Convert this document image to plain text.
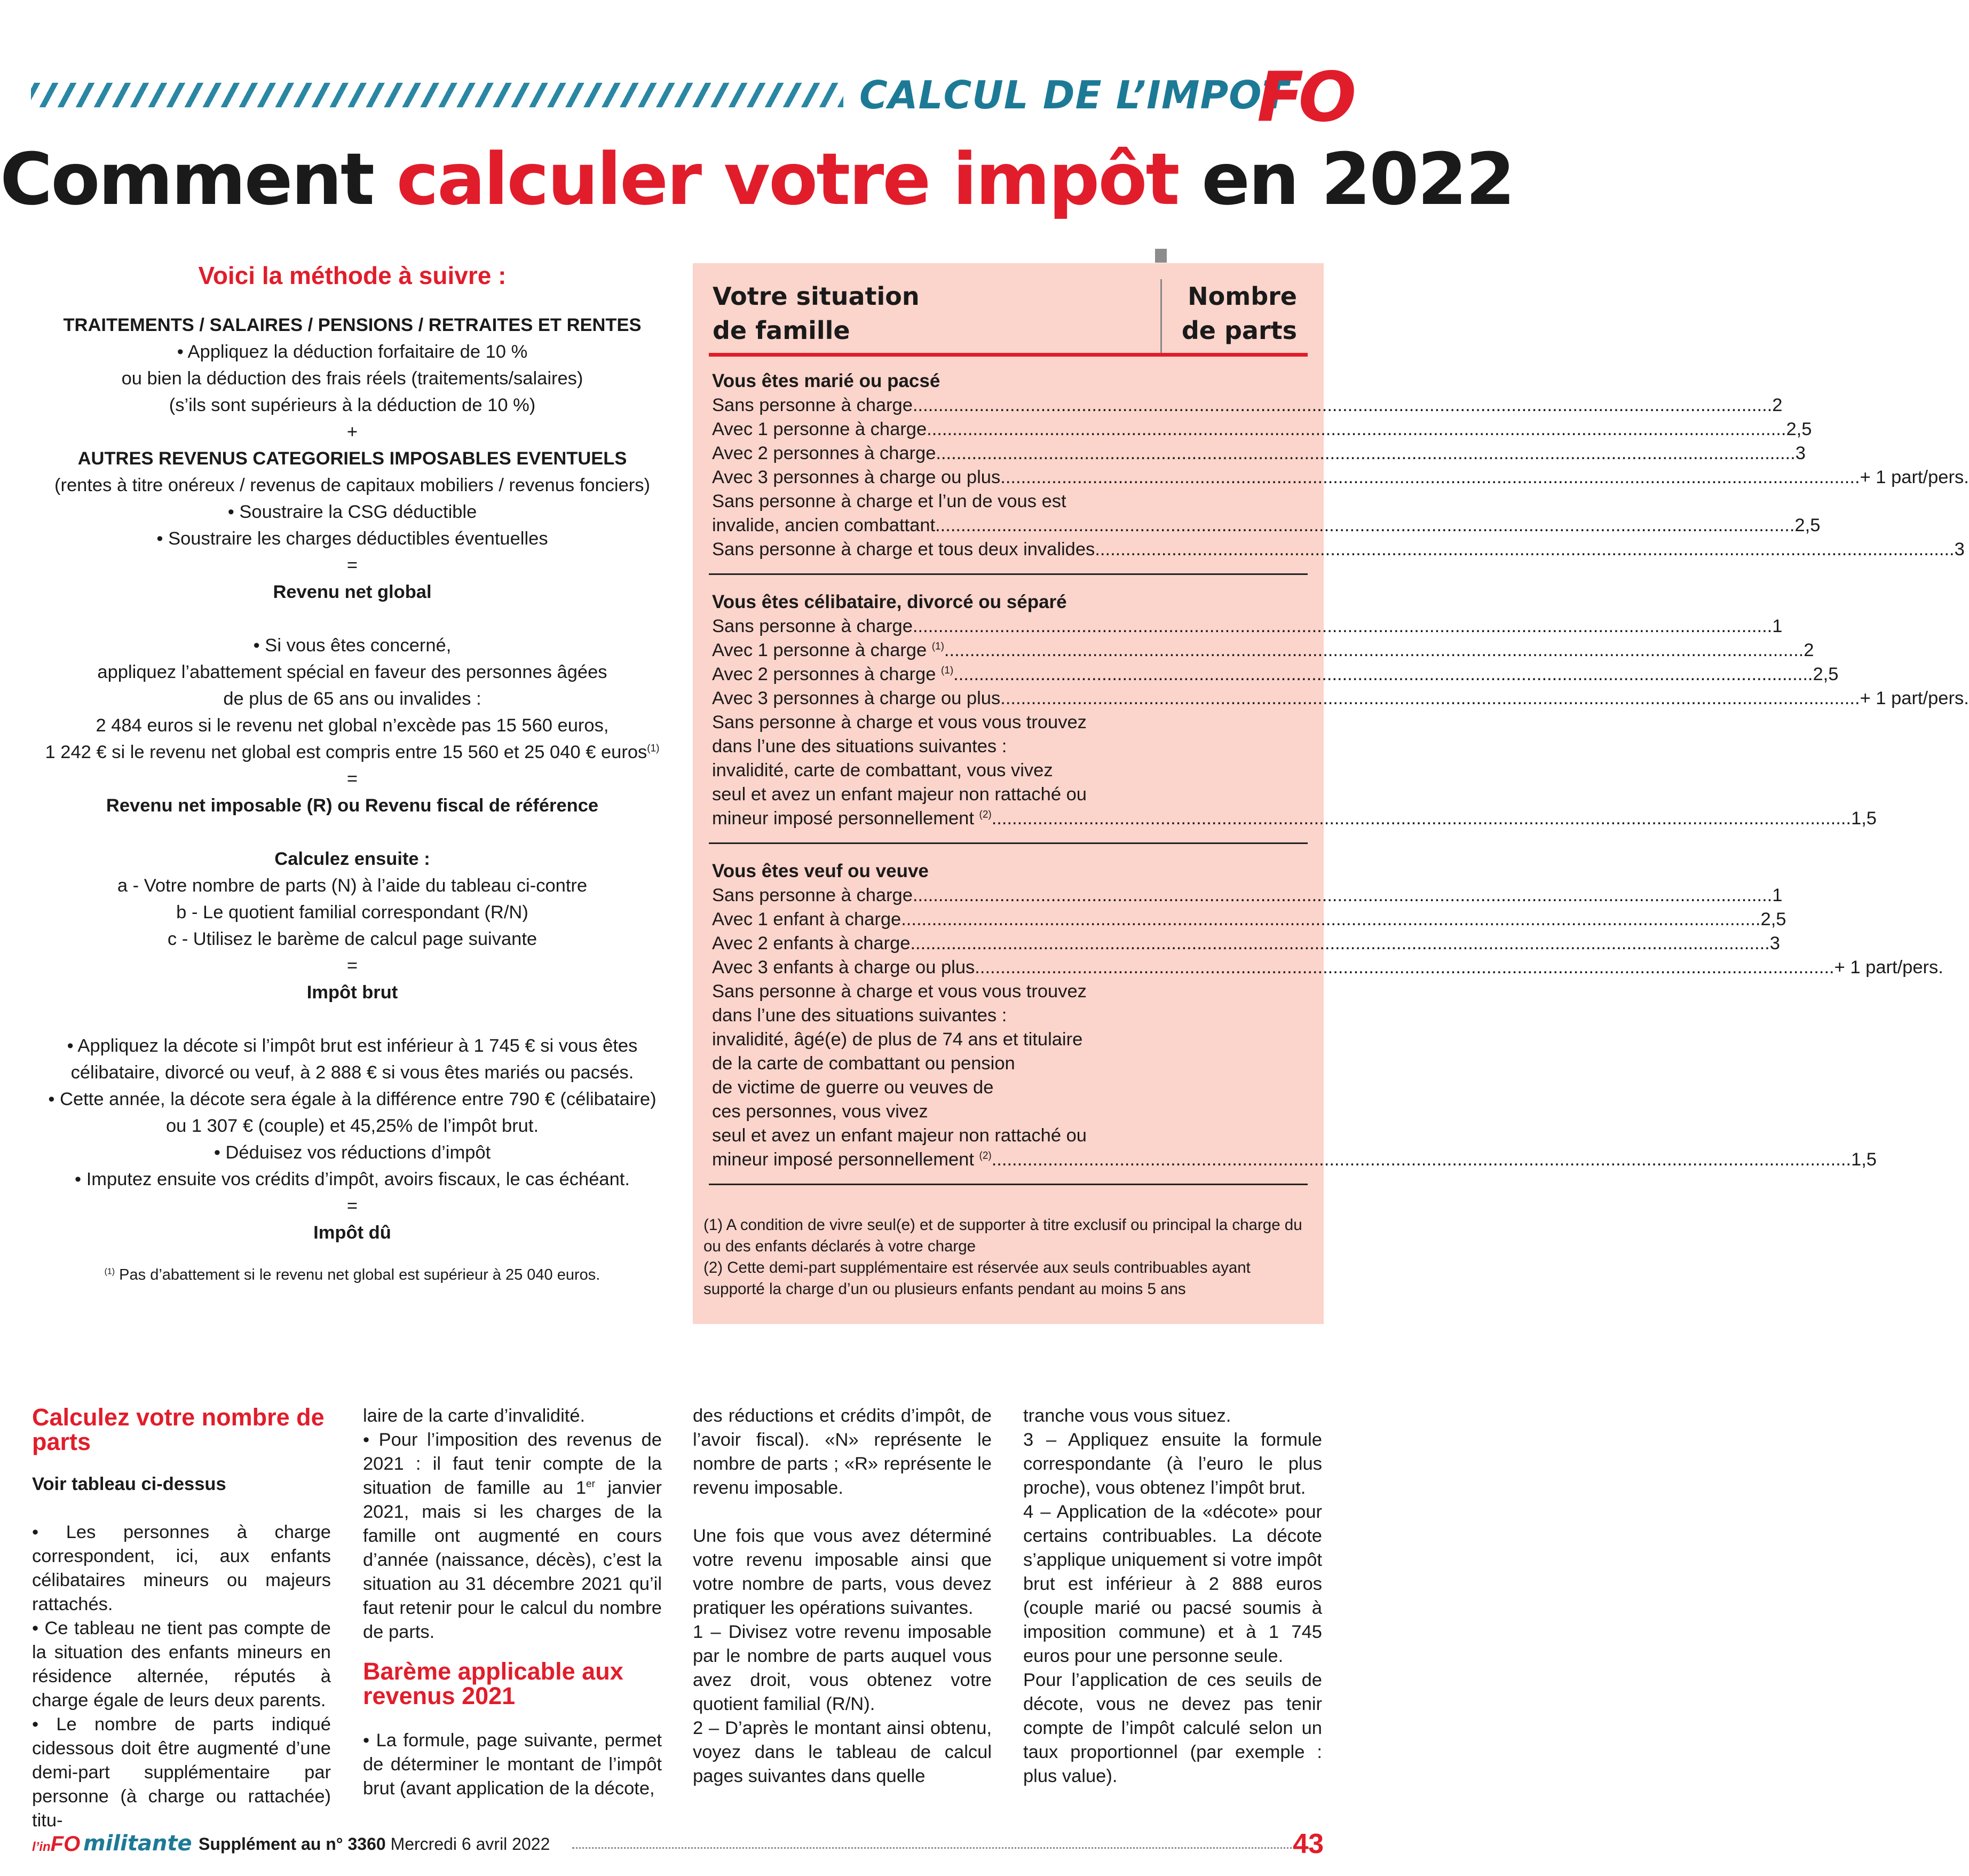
CALCUL DE L’IMPOT
FO
Comment calculer votre impôt en 2022
Voici la méthode à suivre :
TRAITEMENTS / SALAIRES / PENSIONS / RETRAITES ET RENTES
• Appliquez la déduction forfaitaire de 10 %
ou bien la déduction des frais réels (traitements/salaires)
(s’ils sont supérieurs à la déduction de 10 %)
+
AUTRES REVENUS CATEGORIELS IMPOSABLES EVENTUELS
(rentes à titre onéreux / revenus de capitaux mobiliers / revenus fonciers)
• Soustraire la CSG déductible
• Soustraire les charges déductibles éventuelles
=
Revenu net global
• Si vous êtes concerné,
appliquez l’abattement spécial en faveur des personnes âgées
de plus de 65 ans ou invalides :
2 484 euros si le revenu net global n’excède pas 15 560 euros,
1 242 € si le revenu net global est compris entre 15 560 et 25 040 € euros$^{(1)}$
=
Revenu net imposable (R) ou Revenu fiscal de référence
Calculez ensuite :
a - Votre nombre de parts (N) à l’aide du tableau ci-contre
b - Le quotient familial correspondant (R/N)
c - Utilisez le barème de calcul page suivante
=
Impôt brut
• Appliquez la décote si l’impôt brut est inférieur à 1 745 € si vous êtes
célibataire, divorcé ou veuf, à 2 888 € si vous êtes mariés ou pacsés.
• Cette année, la décote sera égale à la différence entre 790 € (célibataire)
ou 1 307 € (couple) et 45,25% de l’impôt brut.
• Déduisez vos réductions d’impôt
• Imputez ensuite vos crédits d’impôt, avoirs fiscaux, le cas échéant.
=
Impôt dû
$^{(1)}$ Pas d’abattement si le revenu net global est supérieur à 25 040 euros.
Votre situation
de famille
Nombre
de parts
Vous êtes marié ou pacsé
Sans personne à charge .....	2
Avec 1 personne à charge .....	2,5
Avec 2 personnes à charge .....	3
Avec 3 personnes à charge ou plus .....	+ 1 part/pers.
Sans personne à charge et l’un de vous est
invalide, ancien combattant .....	2,5
Sans personne à charge et tous deux invalides .....	3
Vous êtes célibataire, divorcé ou séparé
Sans personne à charge .....	1
Avec 1 personne à charge $^{(1)}$ .....	2
Avec 2 personnes à charge $^{(1)}$ .....	2,5
Avec 3 personnes à charge ou plus .....	+ 1 part/pers.
Sans personne à charge et vous vous trouvez
dans l’une des situations suivantes :
invalidité, carte de combattant, vous vivez
seul et avez un enfant majeur non rattaché ou
mineur imposé personnellement $^{(2)}$ .....	1,5
Vous êtes veuf ou veuve
Sans personne à charge .....	1
Avec 1 enfant à charge .....	2,5
Avec 2 enfants à charge .....	3
Avec 3 enfants à charge ou plus .....	+ 1 part/pers.
Sans personne à charge et vous vous trouvez
dans l’une des situations suivantes :
invalidité, âgé(e) de plus de 74 ans et titulaire
de la carte de combattant ou pension
de victime de guerre ou veuves de
ces personnes, vous vivez
seul et avez un enfant majeur non rattaché ou
mineur imposé personnellement $^{(2)}$ .....	1,5
(1) A condition de vivre seul(e) et de supporter à titre exclusif ou principal la charge du ou des enfants déclarés à votre charge
(2) Cette demi-part supplémentaire est réservée aux seuls contribuables ayant supporté la charge d’un ou plusieurs enfants pendant au moins 5 ans
Calculez votre nombre de parts

Voir tableau ci-dessus

• Les personnes à charge correspondent, ici, aux enfants célibataires mineurs ou majeurs rattachés.

• Ce tableau ne tient pas compte de la situation des enfants mineurs en résidence alternée, réputés à charge égale de leurs deux parents.

• Le nombre de parts indiqué cidessous doit être augmenté d’une demi-part supplémentaire par personne (à charge ou rattachée) titu-

laire de la carte d’invalidité.

• Pour l’imposition des revenus de 2021 : il faut tenir compte de la situation de famille au 1er janvier 2021, mais si les charges de la famille ont augmenté en cours d’année (naissance, décès), c’est la situation au 31 décembre 2021 qu’il faut retenir pour le calcul du nombre de parts.

Barème applicable aux revenus 2021

• La formule, page suivante, permet de déterminer le montant de l’impôt brut (avant application de la décote,

des réductions et crédits d’impôt, de l’avoir fiscal). «N» représente le nombre de parts ; «R» représente le revenu imposable.

Une fois que vous avez déterminé votre revenu imposable ainsi que votre nombre de parts, vous devez pratiquer les opérations suivantes.

1 – Divisez votre revenu imposable par le nombre de parts auquel vous avez droit, vous obtenez votre quotient familial (R/N).

2 – D’après le montant ainsi obtenu, voyez dans le tableau de calcul pages suivantes dans quelle

tranche vous vous situez.

3 – Appliquez ensuite la formule correspondante (à l’euro le plus proche), vous obtenez l’impôt brut.

4 – Application de la «décote» pour certains contribuables. La décote s’applique uniquement si votre impôt brut est inférieur à 2 888 euros (couple marié ou pacsé soumis à imposition commune) et à 1 745 euros pour une personne seule.

Pour l’application de ces seuils de décote, vous ne devez pas tenir compte de l’impôt calculé selon un taux proportionnel (par exemple : plus value).

l’inFO militante Supplément au n° 3360 Mercredi 6 avril 2022	43
